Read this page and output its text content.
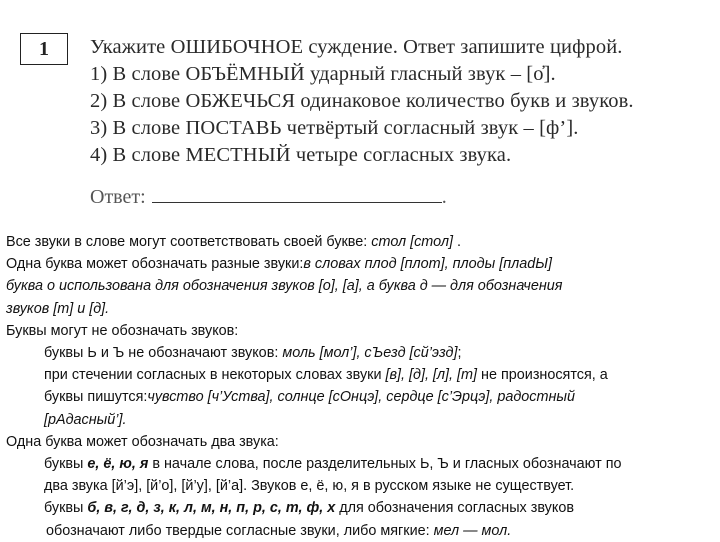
1 Укажите ОШИБОЧНОЕ суждение. Ответ запишите цифрой.
1) В слове ОБЪЁМНЫЙ ударный гласный звук – [о̓].
2) В слове ОБЖЕЧЬСЯ одинаковое количество букв и звуков.
3) В слове ПОСТАВЬ четвёртый согласный звук – [ф’].
4) В слове МЕСТНЫЙ четыре согласных звука.
Ответ:	.
Все звуки в слове могут соответствовать своей букве: стол [стол] .
Одна буква может обозначать разные звуки:в словах плод [плот], плоды [плаdЫ]
буква о использована для обозначения звуков [о], [а], а буква д — для обозначения
звуков [т] и [д].
Буквы могут не обозначать звуков:
буквы Ь и Ъ не обозначают звуков: моль [мол’], сЪезд [сй’эзд];
при стечении согласных в некоторых словах звуки [в], [д], [л], [т] не произносятся, а
буквы пишутся:чувство [ч’Уства], солнце [сОнцэ], сердце [с’Эрцэ], радостный
[рАдасный’].
Одна буква может обозначать два звука:
буквы е, ё, ю, я в начале слова, после разделительных Ь, Ъ и гласных обозначают по
два звука [й’э], [й’о], [й’у], [й’а]. Звуков е, ё, ю, я в русском языке не существует.
буквы б, в, г, д, з, к, л, м, н, п, р, с, т, ф, х для обозначения согласных звуков
обозначают либо твердые согласные звуки, либо мягкие: мел — мол.
